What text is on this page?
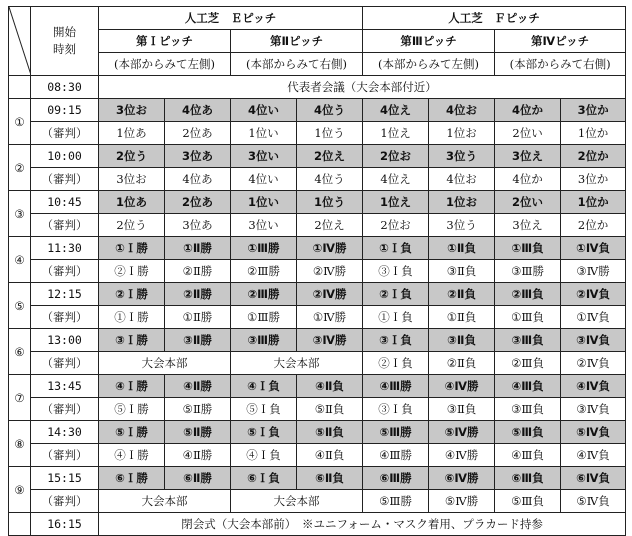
	開始
時刻	人工芝　Ｅピッチ				人工芝　Ｆピッチ			
		第Ｉピッチ		第Ⅱピッチ		第Ⅲピッチ		第Ⅳピッチ	
		(本部からみて左側)		(本部からみて右側)		(本部からみて左側)		(本部からみて右側)	
	08:30	代表者会議（大会本部付近）							
①	09:15	3位お	4位あ	4位い	4位う	4位え	4位お	4位か	3位か
	（審判）	1位あ	2位あ	1位い	1位う	1位え	1位お	2位い	1位か
②	10:00	2位う	3位あ	3位い	2位え	2位お	3位う	3位え	2位か
	（審判）	3位お	4位あ	4位い	4位う	4位え	4位お	4位か	3位か
③	10:45	1位あ	2位あ	1位い	1位う	1位え	1位お	2位い	1位か
	（審判）	2位う	3位あ	3位い	2位え	2位お	3位う	3位え	2位か
④	11:30	①Ｉ勝	①Ⅱ勝	①Ⅲ勝	①Ⅳ勝	①Ｉ負	①Ⅱ負	①Ⅲ負	①Ⅳ負
	（審判）	②Ｉ勝	②Ⅱ勝	②Ⅲ勝	②Ⅳ勝	③Ｉ負	③Ⅱ負	③Ⅲ勝	③Ⅳ勝
⑤	12:15	②Ｉ勝	②Ⅱ勝	②Ⅲ勝	②Ⅳ勝	②Ｉ負	②Ⅱ負	②Ⅲ負	②Ⅳ負
	（審判）	①Ｉ勝	①Ⅱ勝	①Ⅲ勝	①Ⅳ勝	①Ｉ負	①Ⅱ負	①Ⅲ負	①Ⅳ負
⑥	13:00	③Ｉ勝	③Ⅱ勝	③Ⅲ勝	③Ⅳ勝	③Ｉ負	③Ⅱ負	③Ⅲ負	③Ⅳ負
	（審判）	大会本部		大会本部		②Ｉ負	②Ⅱ負	②Ⅲ負	②Ⅳ負
⑦	13:45	④Ｉ勝	④Ⅱ勝	④Ｉ負	④Ⅱ負	④Ⅲ勝	④Ⅳ勝	④Ⅲ負	④Ⅳ負
	（審判）	⑤Ｉ勝	⑤Ⅱ勝	⑤Ｉ負	⑤Ⅱ負	③Ｉ負	③Ⅱ負	③Ⅲ負	③Ⅳ負
⑧	14:30	⑤Ｉ勝	⑤Ⅱ勝	⑤Ｉ負	⑤Ⅱ負	⑤Ⅲ勝	⑤Ⅳ勝	⑤Ⅲ負	⑤Ⅳ負
	（審判）	④Ｉ勝	④Ⅱ勝	④Ｉ負	④Ⅱ負	④Ⅲ勝	④Ⅳ勝	④Ⅲ負	④Ⅳ負
⑨	15:15	⑥Ｉ勝	⑥Ⅱ勝	⑥Ｉ負	⑥Ⅱ負	⑥Ⅲ勝	⑥Ⅳ勝	⑥Ⅲ負	⑥Ⅳ負
	（審判）	大会本部		大会本部		⑤Ⅲ勝	⑤Ⅳ勝	⑤Ⅲ負	⑤Ⅳ負
	16:15	閉会式（大会本部前）　※ユニフォーム・マスク着用、プラカード持参							
